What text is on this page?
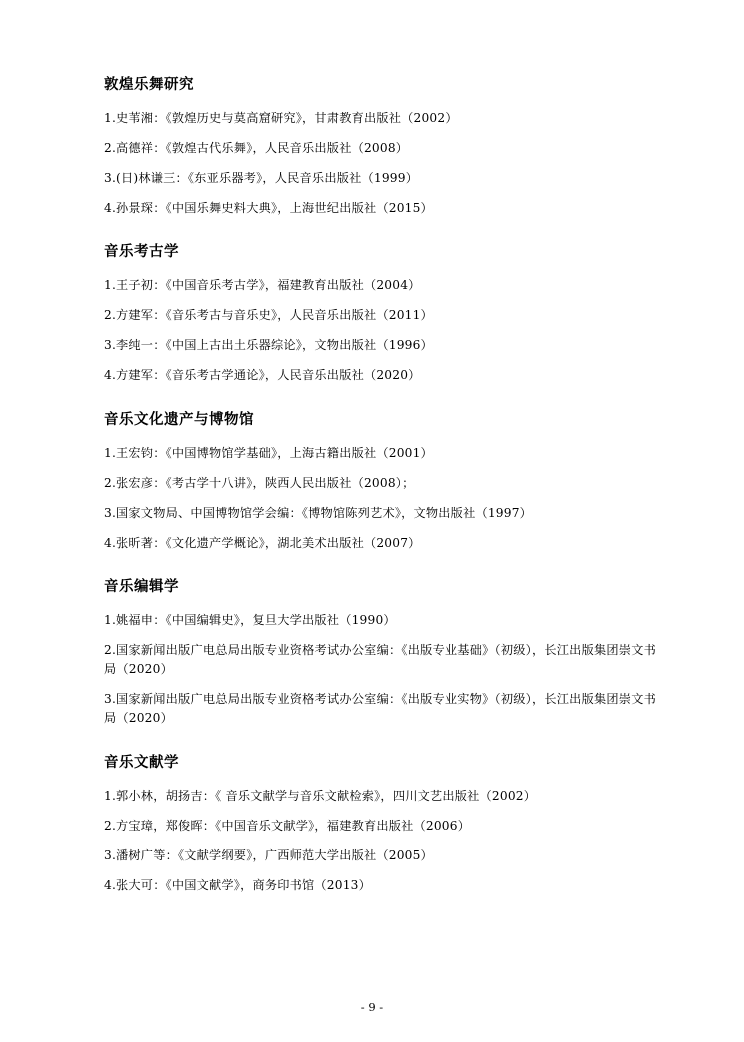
敦煌乐舞研究

1.史苇湘：《敦煌历史与莫高窟研究》，甘肃教育出版社（2002）

2.高德祥：《敦煌古代乐舞》，人民音乐出版社（2008）

3.(日)林谦三：《东亚乐器考》，人民音乐出版社（1999）

4.孙景琛：《中国乐舞史料大典》，上海世纪出版社（2015）

音乐考古学

1.王子初：《中国音乐考古学》，福建教育出版社（2004）

2.方建军：《音乐考古与音乐史》，人民音乐出版社（2011）

3.李纯一：《中国上古出土乐器综论》，文物出版社（1996）

4.方建军：《音乐考古学通论》，人民音乐出版社（2020）

音乐文化遗产与博物馆

1.王宏钧：《中国博物馆学基础》，上海古籍出版社（2001）

2.张宏彦：《考古学十八讲》，陕西人民出版社（2008）；

3.国家文物局、中国博物馆学会编：《博物馆陈列艺术》，文物出版社（1997）

4.张昕著：《文化遗产学概论》，湖北美术出版社（2007）

音乐编辑学

1.姚福申：《中国编辑史》，复旦大学出版社（1990）

2.国家新闻出版广电总局出版专业资格考试办公室编：《出版专业基础》（初级），长江出版集团崇文书局（2020）

3.国家新闻出版广电总局出版专业资格考试办公室编：《出版专业实物》（初级），长江出版集团崇文书局（2020）

音乐文献学

1.郭小林，胡扬吉：《 音乐文献学与音乐文献检索》，四川文艺出版社（2002）

2.方宝璋，郑俊晖：《中国音乐文献学》，福建教育出版社（2006）

3.潘树广等：《文献学纲要》，广西师范大学出版社（2005）

4.张大可：《中国文献学》，商务印书馆（2013）

- 9 -
